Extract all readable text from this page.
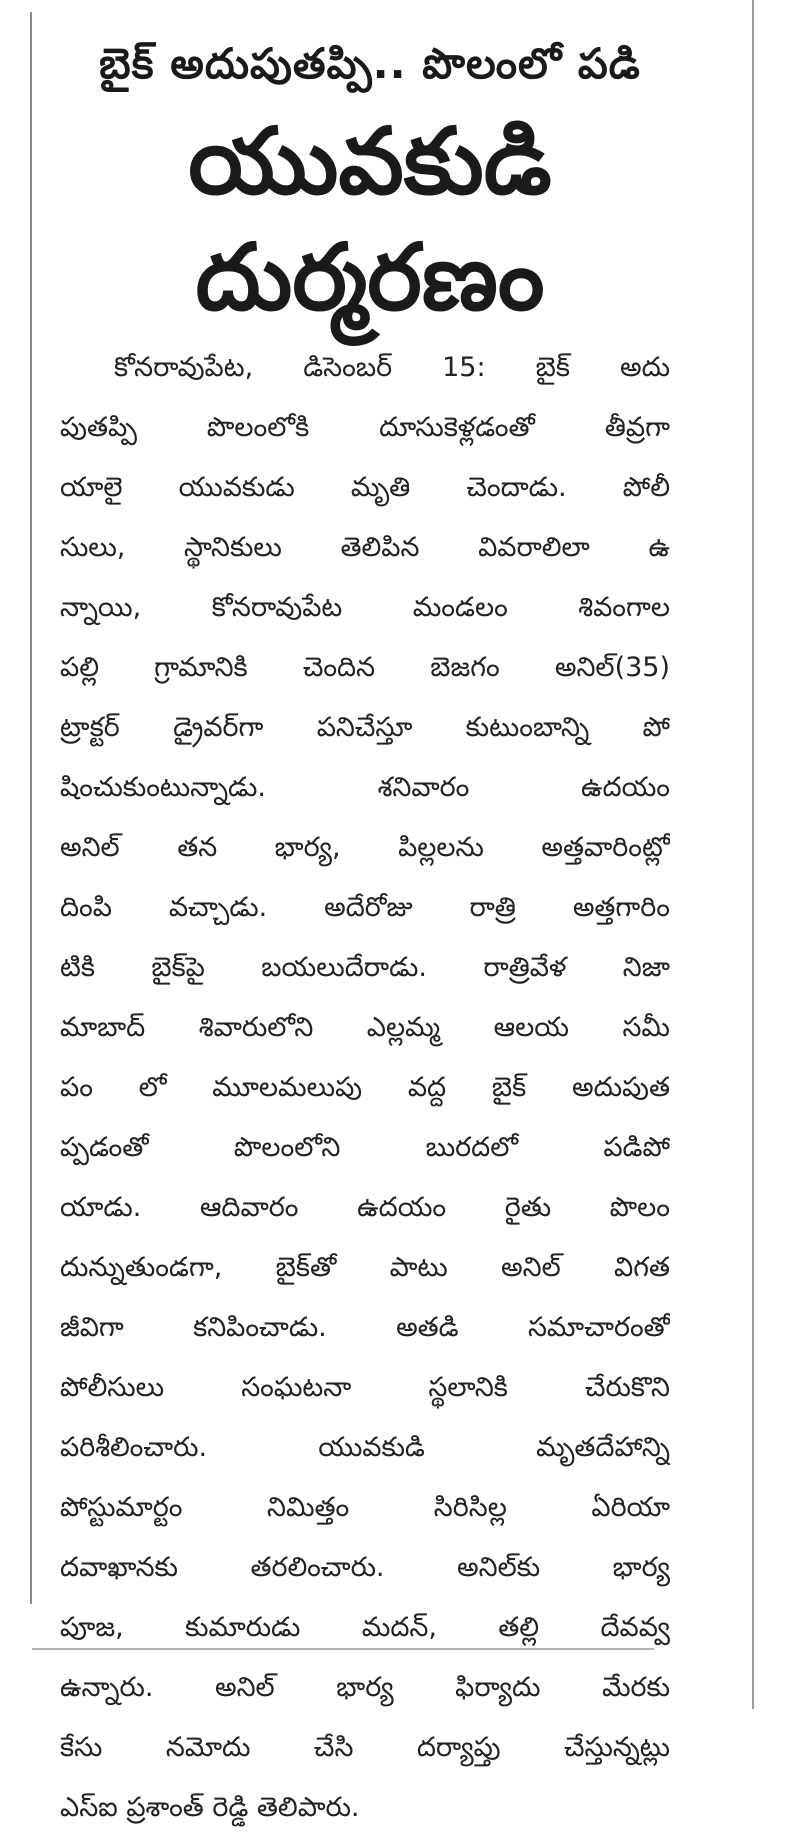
బైక్ అదుపుతప్పి.. పొలంలో పడి
యువకుడి
దుర్మరణం
కోనరావుపేట, డిసెంబర్ 15: బైక్ అదు
పుతప్పి పొలంలోకి దూసుకెళ్లడంతో తీవ్రగా
యాలై యువకుడు మృతి చెందాడు. పోలీ
సులు, స్థానికులు తెలిపిన వివరాలిలా ఉ
న్నాయి, కోనరావుపేట మండలం శివంగాల
పల్లి గ్రామానికి చెందిన బెజగం అనిల్(35)
ట్రాక్టర్ డ్రైవర్‌గా పనిచేస్తూ కుటుంబాన్ని పో
షించుకుంటున్నాడు. శనివారం ఉదయం
అనిల్ తన భార్య, పిల్లలను అత్తవారింట్లో
దింపి వచ్చాడు. అదేరోజు రాత్రి అత్తగారిం
టికి బైక్‌పై బయలుదేరాడు. రాత్రివేళ నిజా
మాబాద్ శివారులోని ఎల్లమ్మ ఆలయ సమీ
పం లో మూలమలుపు వద్ద బైక్ అదుపుత
ప్పడంతో పొలంలోని బురదలో పడిపో
యాడు. ఆదివారం ఉదయం రైతు పొలం
దున్నుతుండగా, బైక్‌తో పాటు అనిల్ విగత
జీవిగా కనిపించాడు. అతడి సమాచారంతో
పోలీసులు సంఘటనా స్థలానికి చేరుకొని
పరిశీలించారు. యువకుడి మృతదేహాన్ని
పోస్టుమార్టం నిమిత్తం సిరిసిల్ల ఏరియా
దవాఖానకు తరలించారు. అనిల్‌కు భార్య
పూజ, కుమారుడు మదన్, తల్లి దేవవ్వ
ఉన్నారు. అనిల్ భార్య ఫిర్యాదు మేరకు
కేసు నమోదు చేసి దర్యాప్తు చేస్తున్నట్లు
ఎస్ఐ ప్రశాంత్ రెడ్డి తెలిపారు.
